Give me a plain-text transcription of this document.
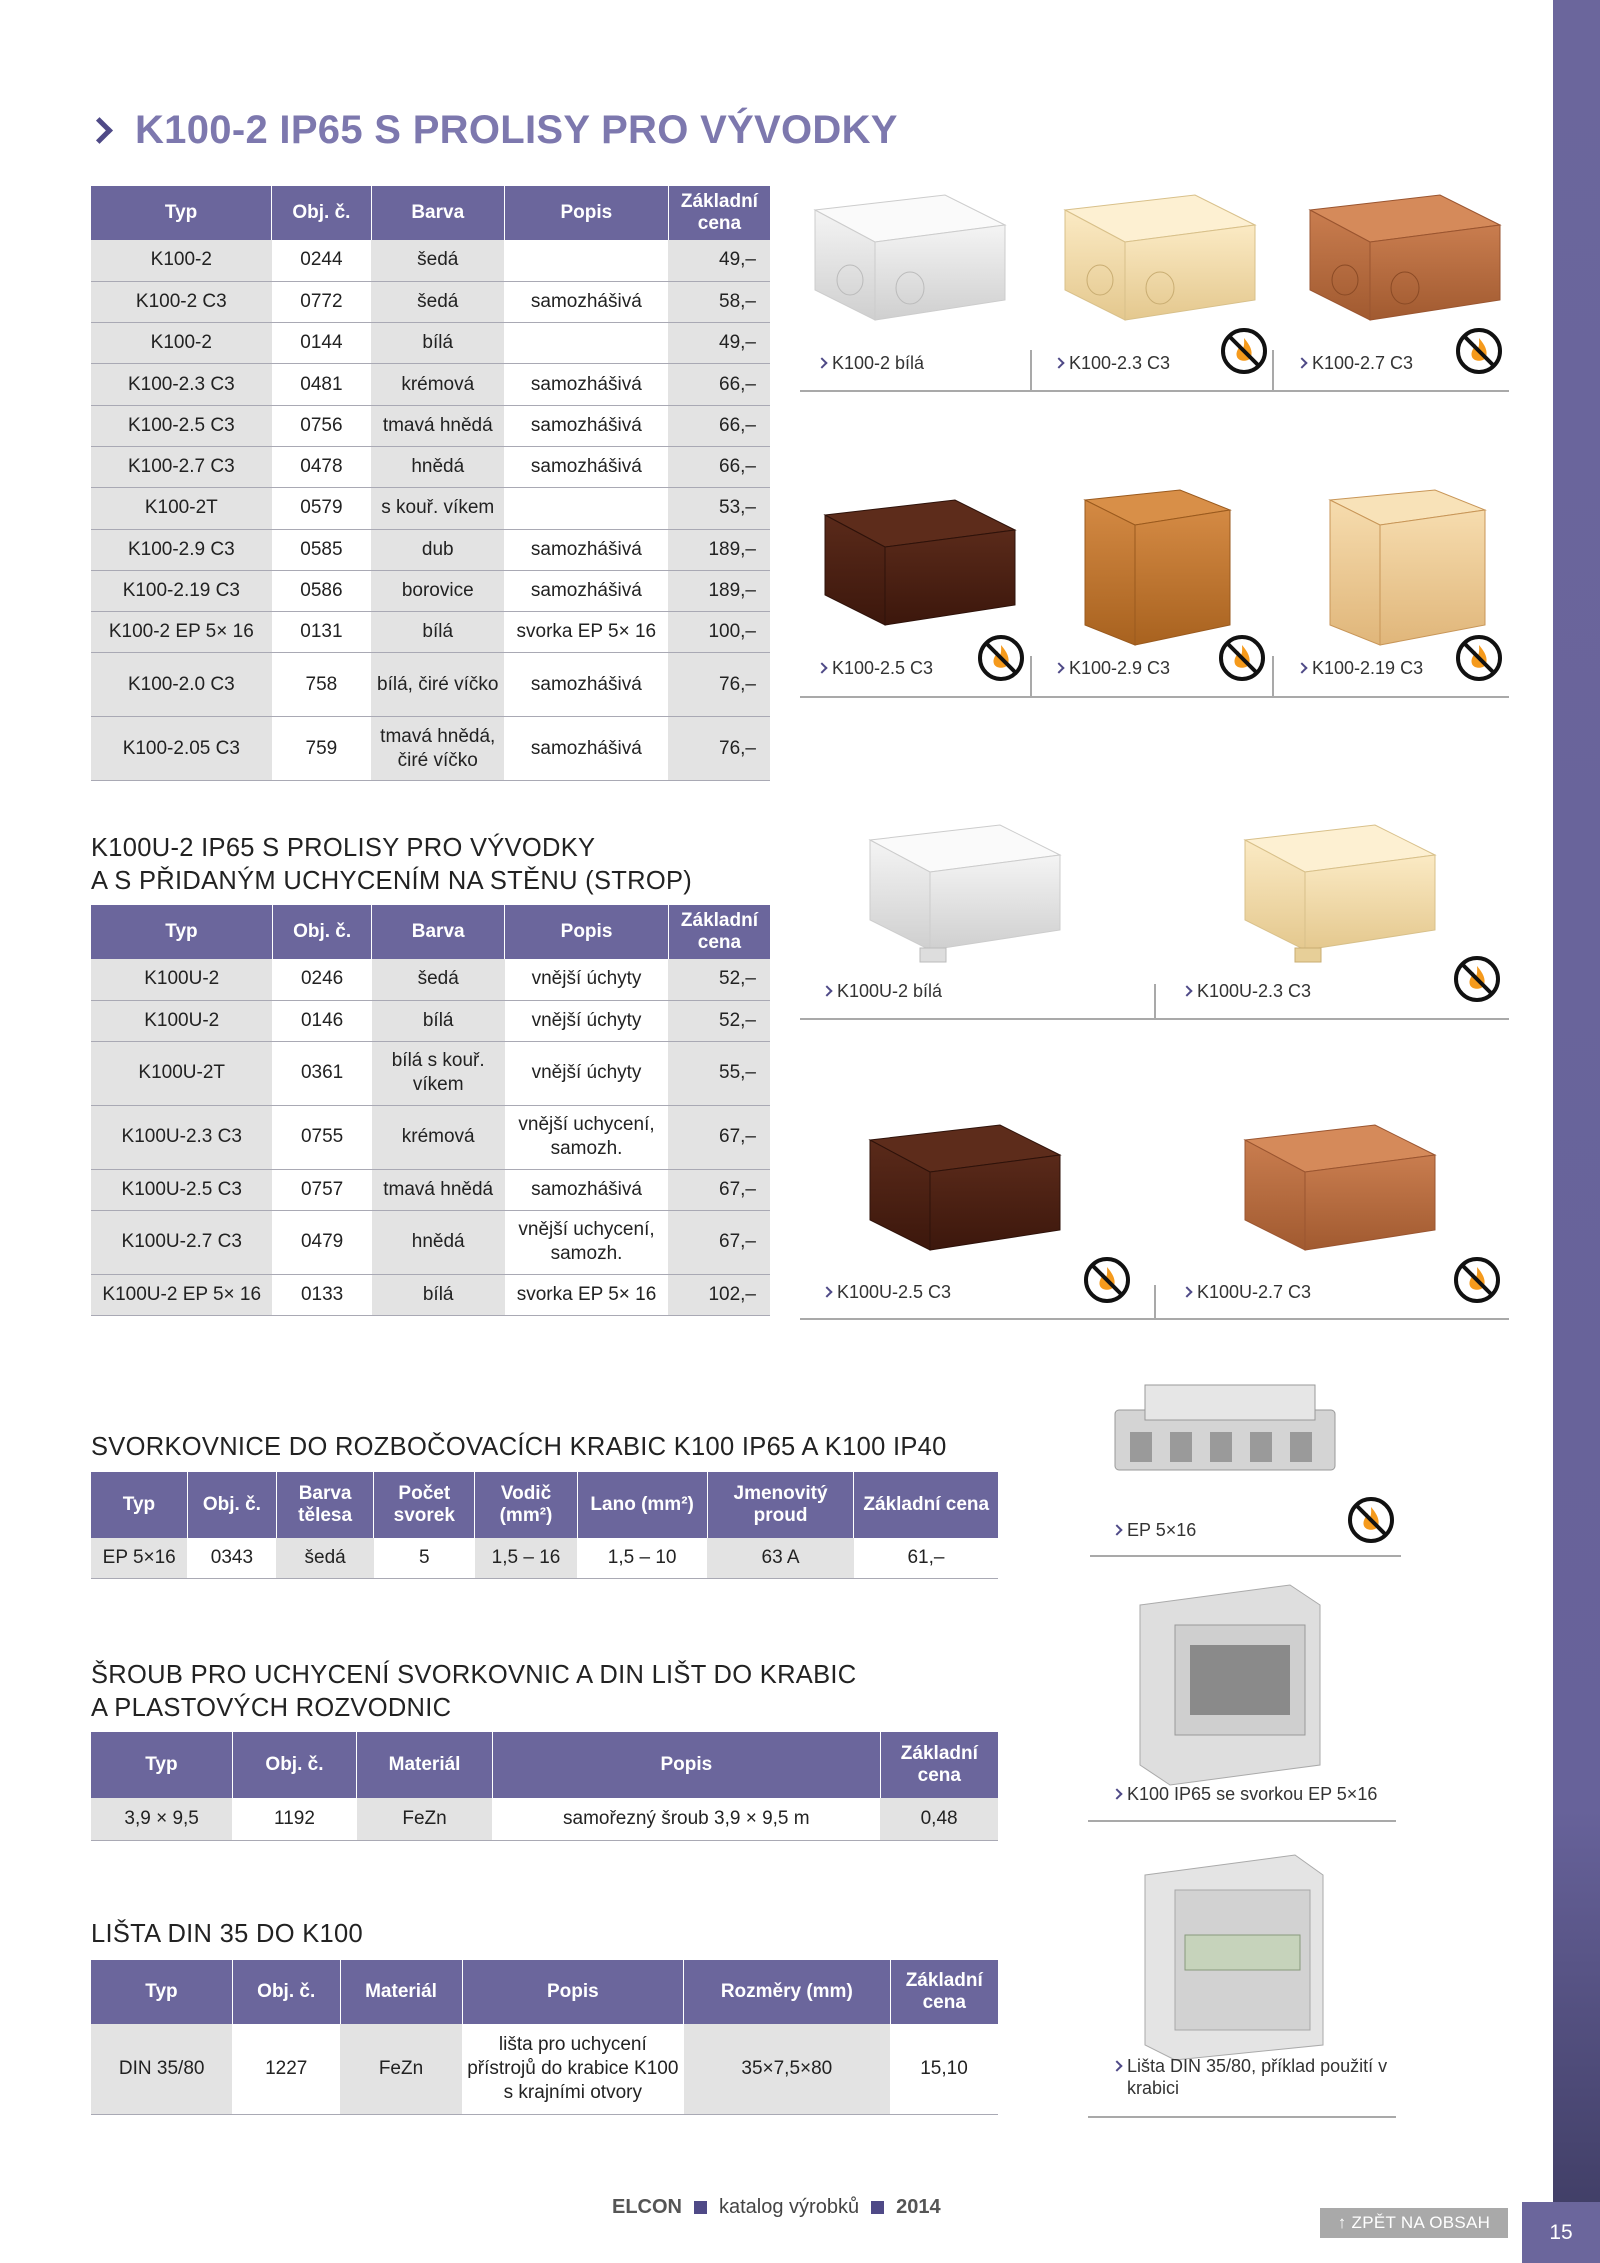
K100-2 IP65 S PROLISY PRO VÝVODKY
Typ	Obj. č.	Barva	Popis	Základní cena
K100-2	0244	šedá		49,–
K100-2 C3	0772	šedá	samozhášivá	58,–
K100-2	0144	bílá		49,–
K100-2.3 C3	0481	krémová	samozhášivá	66,–
K100-2.5 C3	0756	tmavá hnědá	samozhášivá	66,–
K100-2.7 C3	0478	hnědá	samozhášivá	66,–
K100-2T	0579	s kouř. víkem		53,–
K100-2.9 C3	0585	dub	samozhášivá	189,–
K100-2.19 C3	0586	borovice	samozhášivá	189,–
K100-2 EP 5× 16	0131	bílá	svorka EP 5× 16	100,–
K100-2.0 C3	758	bílá, čiré víčko	samozhášivá	76,–
K100-2.05 C3	759	tmavá hnědá, čiré víčko	samozhášivá	76,–
K100-2 bílá	K100-2.3 C3	K100-2.7 C3
K100-2.5 C3	K100-2.9 C3	K100-2.19 C3
K100U-2 IP65 S PROLISY PRO VÝVODKY
A S PŘIDANÝM UCHYCENÍM NA STĚNU (STROP)
Typ	Obj. č.	Barva	Popis	Základní cena
K100U-2	0246	šedá	vnější úchyty	52,–
K100U-2	0146	bílá	vnější úchyty	52,–
K100U-2T	0361	bílá s kouř. víkem	vnější úchyty	55,–
K100U-2.3 C3	0755	krémová	vnější uchycení, samozh.	67,–
K100U-2.5 C3	0757	tmavá hnědá	samozhášivá	67,–
K100U-2.7 C3	0479	hnědá	vnější uchycení, samozh.	67,–
K100U-2 EP 5× 16	0133	bílá	svorka EP 5× 16	102,–
K100U-2 bílá	K100U-2.3 C3
K100U-2.5 C3	K100U-2.7 C3
SVORKOVNICE DO ROZBOČOVACÍCH KRABIC K100 IP65 A K100 IP40
Typ	Obj. č.	Barva tělesa	Počet svorek	Vodič (mm²)	Lano (mm²)	Jmenovitý proud	Základní cena
EP 5×16	0343	šedá	5	1,5 – 16	1,5 – 10	63 A	61,–
ŠROUB PRO UCHYCENÍ SVORKOVNIC A DIN LIŠT DO KRABIC
A PLASTOVÝCH ROZVODNIC
Typ	Obj. č.	Materiál	Popis	Základní cena
3,9 × 9,5	1192	FeZn	samořezný šroub 3,9 × 9,5 m	0,48
LIŠTA DIN 35 DO K100
Typ	Obj. č.	Materiál	Popis	Rozměry (mm)	Základní cena
DIN 35/80	1227	FeZn	lišta pro uchycení přístrojů do krabice K100 s krajními otvory	35×7,5×80	15,10
EP 5×16
K100 IP65 se svorkou EP 5×16
Lišta DIN 35/80, příklad použití v krabici
ELCON katalog výrobků 2014
↑ ZPĚT NA OBSAH	15
